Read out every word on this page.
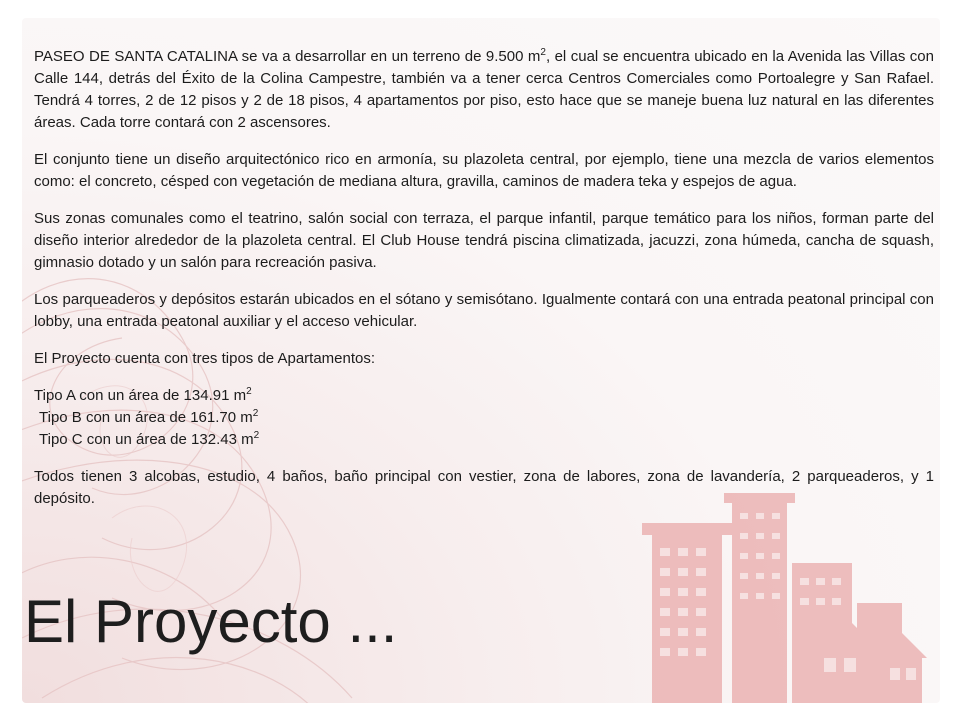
PASEO DE SANTA CATALINA se va a desarrollar en un terreno de 9.500 $m^2$, el cual se encuentra ubicado en la Avenida las Villas con Calle 144, detrás del Éxito de la Colina Campestre, también va a tener cerca Centros Comerciales como Portoalegre y San Rafael. Tendrá 4 torres, 2 de 12 pisos y 2 de 18 pisos, 4 apartamentos por piso, esto hace que se maneje buena luz natural en las diferentes áreas. Cada torre contará con 2 ascensores.

El conjunto tiene un diseño arquitectónico rico en armonía, su plazoleta central, por ejemplo, tiene una mezcla de varios elementos como: el concreto, césped con vegetación de mediana altura, gravilla, caminos de madera teka y espejos de agua.

Sus zonas comunales como el teatrino, salón social con terraza, el parque infantil, parque temático para los niños, forman parte del diseño interior alrededor de la plazoleta central. El Club House tendrá piscina climatizada, jacuzzi, zona húmeda, cancha de squash, gimnasio dotado y un salón para recreación pasiva.

Los parqueaderos y depósitos estarán ubicados en el sótano y semisótano. Igualmente contará con una entrada peatonal principal con lobby, una entrada peatonal auxiliar y el acceso vehicular.

El Proyecto cuenta con tres tipos de Apartamentos:

Tipo A con un área de 134.91 $m^2$

Tipo B con un área de 161.70 $m^2$

Tipo C con un área de 132.43 $m^2$

Todos tienen 3 alcobas, estudio, 4 baños, baño principal con vestier, zona de labores, zona de lavandería, 2 parqueaderos, y 1 depósito.

El Proyecto ...
